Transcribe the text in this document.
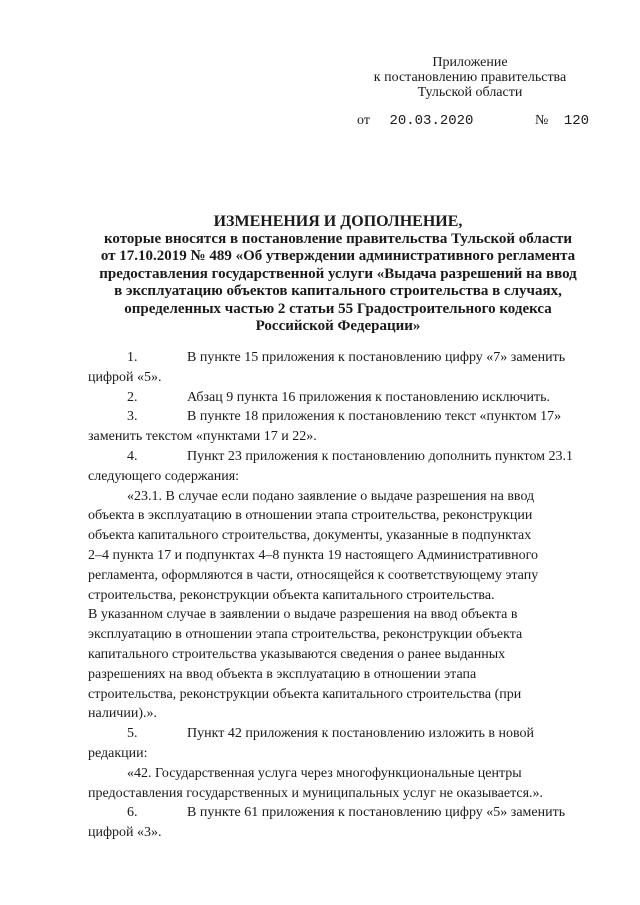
Приложение
к постановлению правительства
Тульской области
от 20.03.2020	№ 120
ИЗМЕНЕНИЯ И ДОПОЛНЕНИЕ,
которые вносятся в постановление правительства Тульской области
от 17.10.2019 № 489 «Об утверждении административного регламента
предоставления государственной услуги «Выдача разрешений на ввод
в эксплуатацию объектов капитального строительства в случаях,
определенных частью 2 статьи 55 Градостроительного кодекса
Российской Федерации»
1.	В пункте 15 приложения к постановлению цифру «7» заменить
цифрой «5».
2.	Абзац 9 пункта 16 приложения к постановлению исключить.
3.	В пункте 18 приложения к постановлению текст «пунктом 17»
заменить текстом «пунктами 17 и 22».
4.	Пункт 23 приложения к постановлению дополнить пунктом 23.1
следующего содержания:
«23.1. В случае если подано заявление о выдаче разрешения на ввод
объекта в эксплуатацию в отношении этапа строительства, реконструкции
объекта капитального строительства, документы, указанные в подпунктах
2–4 пункта 17 и подпунктах 4–8 пункта 19 настоящего Административного
регламента, оформляются в части, относящейся к соответствующему этапу
строительства, реконструкции объекта капитального строительства.
В указанном случае в заявлении о выдаче разрешения на ввод объекта в
эксплуатацию в отношении этапа строительства, реконструкции объекта
капитального строительства указываются сведения о ранее выданных
разрешениях на ввод объекта в эксплуатацию в отношении этапа
строительства, реконструкции объекта капитального строительства (при
наличии).».
5.	Пункт 42 приложения к постановлению изложить в новой
редакции:
«42. Государственная услуга через многофункциональные центры
предоставления государственных и муниципальных услуг не оказывается.».
6.	В пункте 61 приложения к постановлению цифру «5» заменить
цифрой «3».
